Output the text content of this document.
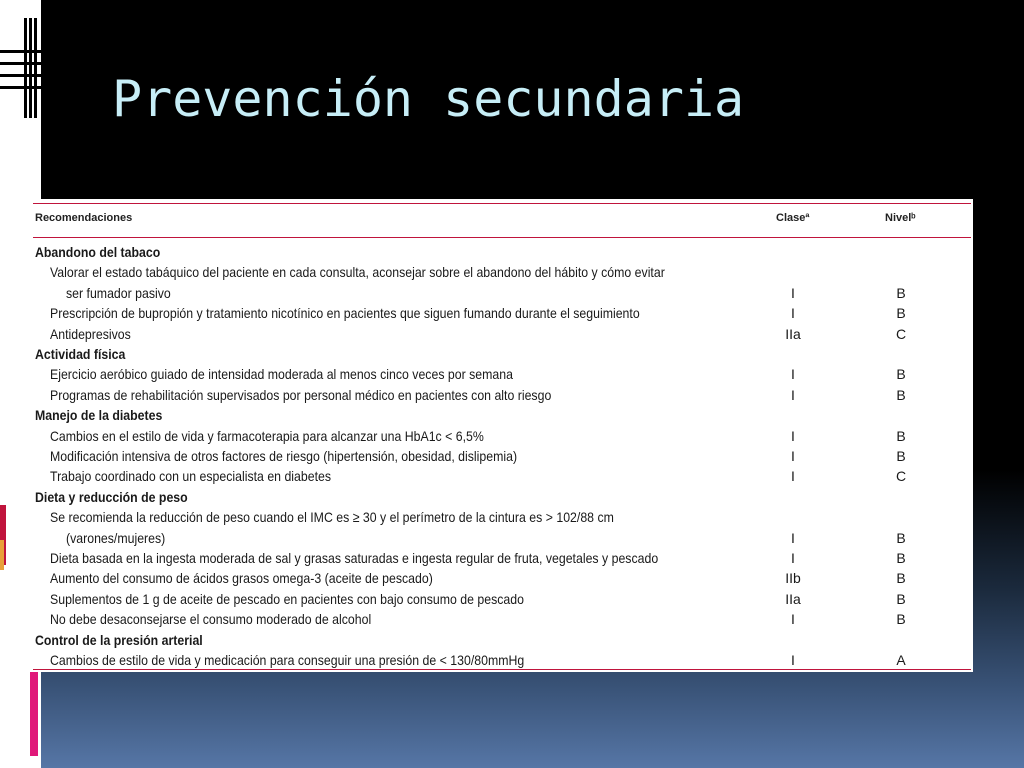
Prevención secundaria
Abandono del tabaco
Valorar el estado tabáquico del paciente en cada consulta, aconsejar sobre el abandono del hábito y cómo evitar
ser fumador pasivo	I	B
Prescripción de bupropión y tratamiento nicotínico en pacientes que siguen fumando durante el seguimiento	I	B
Antidepresivos	IIa	C
Actividad física
Ejercicio aeróbico guiado de intensidad moderada al menos cinco veces por semana	I	B
Programas de rehabilitación supervisados por personal médico en pacientes con alto riesgo	I	B
Manejo de la diabetes
Cambios en el estilo de vida y farmacoterapia para alcanzar una HbA1c < 6,5%	I	B
Modificación intensiva de otros factores de riesgo (hipertensión, obesidad, dislipemia)	I	B
Trabajo coordinado con un especialista en diabetes	I	C
Dieta y reducción de peso
Se recomienda la reducción de peso cuando el IMC es ≥ 30 y el perímetro de la cintura es > 102/88 cm
(varones/mujeres)	I	B
Dieta basada en la ingesta moderada de sal y grasas saturadas e ingesta regular de fruta, vegetales y pescado	I	B
Aumento del consumo de ácidos grasos omega-3 (aceite de pescado)	IIb	B
Suplementos de 1 g de aceite de pescado en pacientes con bajo consumo de pescado	IIa	B
No debe desaconsejarse el consumo moderado de alcohol	I	B
Control de la presión arterial
Cambios de estilo de vida y medicación para conseguir una presión de < 130/80mmHg	I	A
Recomendaciones	Claseª	Nivelᵇ
